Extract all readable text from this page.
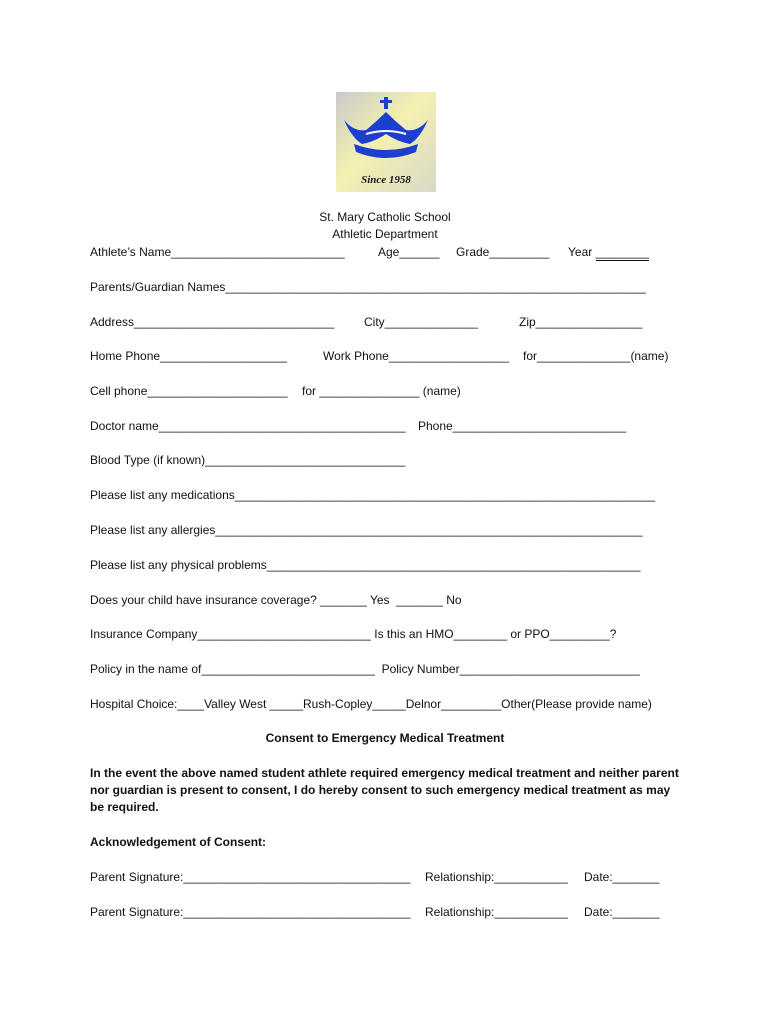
Since 1958
St. Mary Catholic School
Athletic Department
Athlete’s Name__________________________	Age______ Grade_________ Year ________
Parents/Guardian Names_______________________________________________________________
Address______________________________ City______________	Zip________________
Home Phone___________________	Work Phone__________________ for______________(name)
Cell phone_____________________ for _______________ (name)
Doctor name_____________________________________ Phone__________________________
Blood Type (if known)______________________________
Please list any medications_______________________________________________________________
Please list any allergies________________________________________________________________
Please list any physical problems________________________________________________________
Does your child have insurance coverage? _______ Yes  _______ No
Insurance Company__________________________ Is this an HMO________ or PPO_________?
Policy in the name of__________________________  Policy Number___________________________
Hospital Choice:____Valley West _____Rush-Copley_____Delnor_________Other(Please provide name)
Consent to Emergency Medical Treatment
In the event the above named student athlete required emergency medical treatment and neither parent nor guardian is present to consent, I do hereby consent to such emergency medical treatment as may be required.
Acknowledgement of Consent:
Parent Signature:__________________________________ Relationship:___________ Date:_______
Parent Signature:__________________________________ Relationship:___________ Date:_______
